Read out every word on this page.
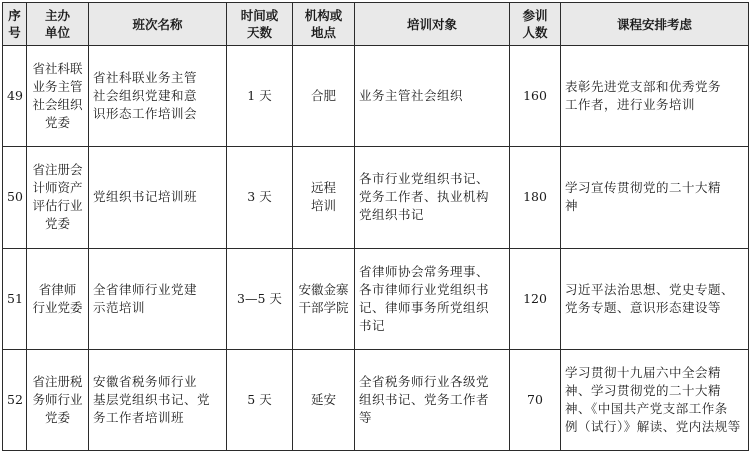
序
号	主办
单位	班次名称	时间或
天数	机构或
地点	培训对象	参训
人数	课程安排考虑
49	省社科联
业务主管
社会组织
党委	省社科联业务主管
社会组织党建和意
识形态工作培训会	1 天	合肥	业务主管社会组织	160	表彰先进党支部和优秀党务
工作者，进行业务培训
50	省注册会
计师资产
评估行业
党委	党组织书记培训班	3 天	远程
培训	各市行业党组织书记、
党务工作者、执业机构
党组织书记	180	学习宣传贯彻党的二十大精
神
51	省律师
行业党委	全省律师行业党建
示范培训	3—5 天	安徽金寨
干部学院	省律师协会常务理事、
各市律师行业党组织书
记、律师事务所党组织
书记	120	习近平法治思想、党史专题、
党务专题、意识形态建设等
52	省注册税
务师行业
党委	安徽省税务师行业
基层党组织书记、党
务工作者培训班	5 天	延安	全省税务师行业各级党
组织书记、党务工作者
等	70	学习贯彻十九届六中全会精
神、学习贯彻党的二十大精
神、《中国共产党支部工作条
例（试行）》解读、党内法规等
